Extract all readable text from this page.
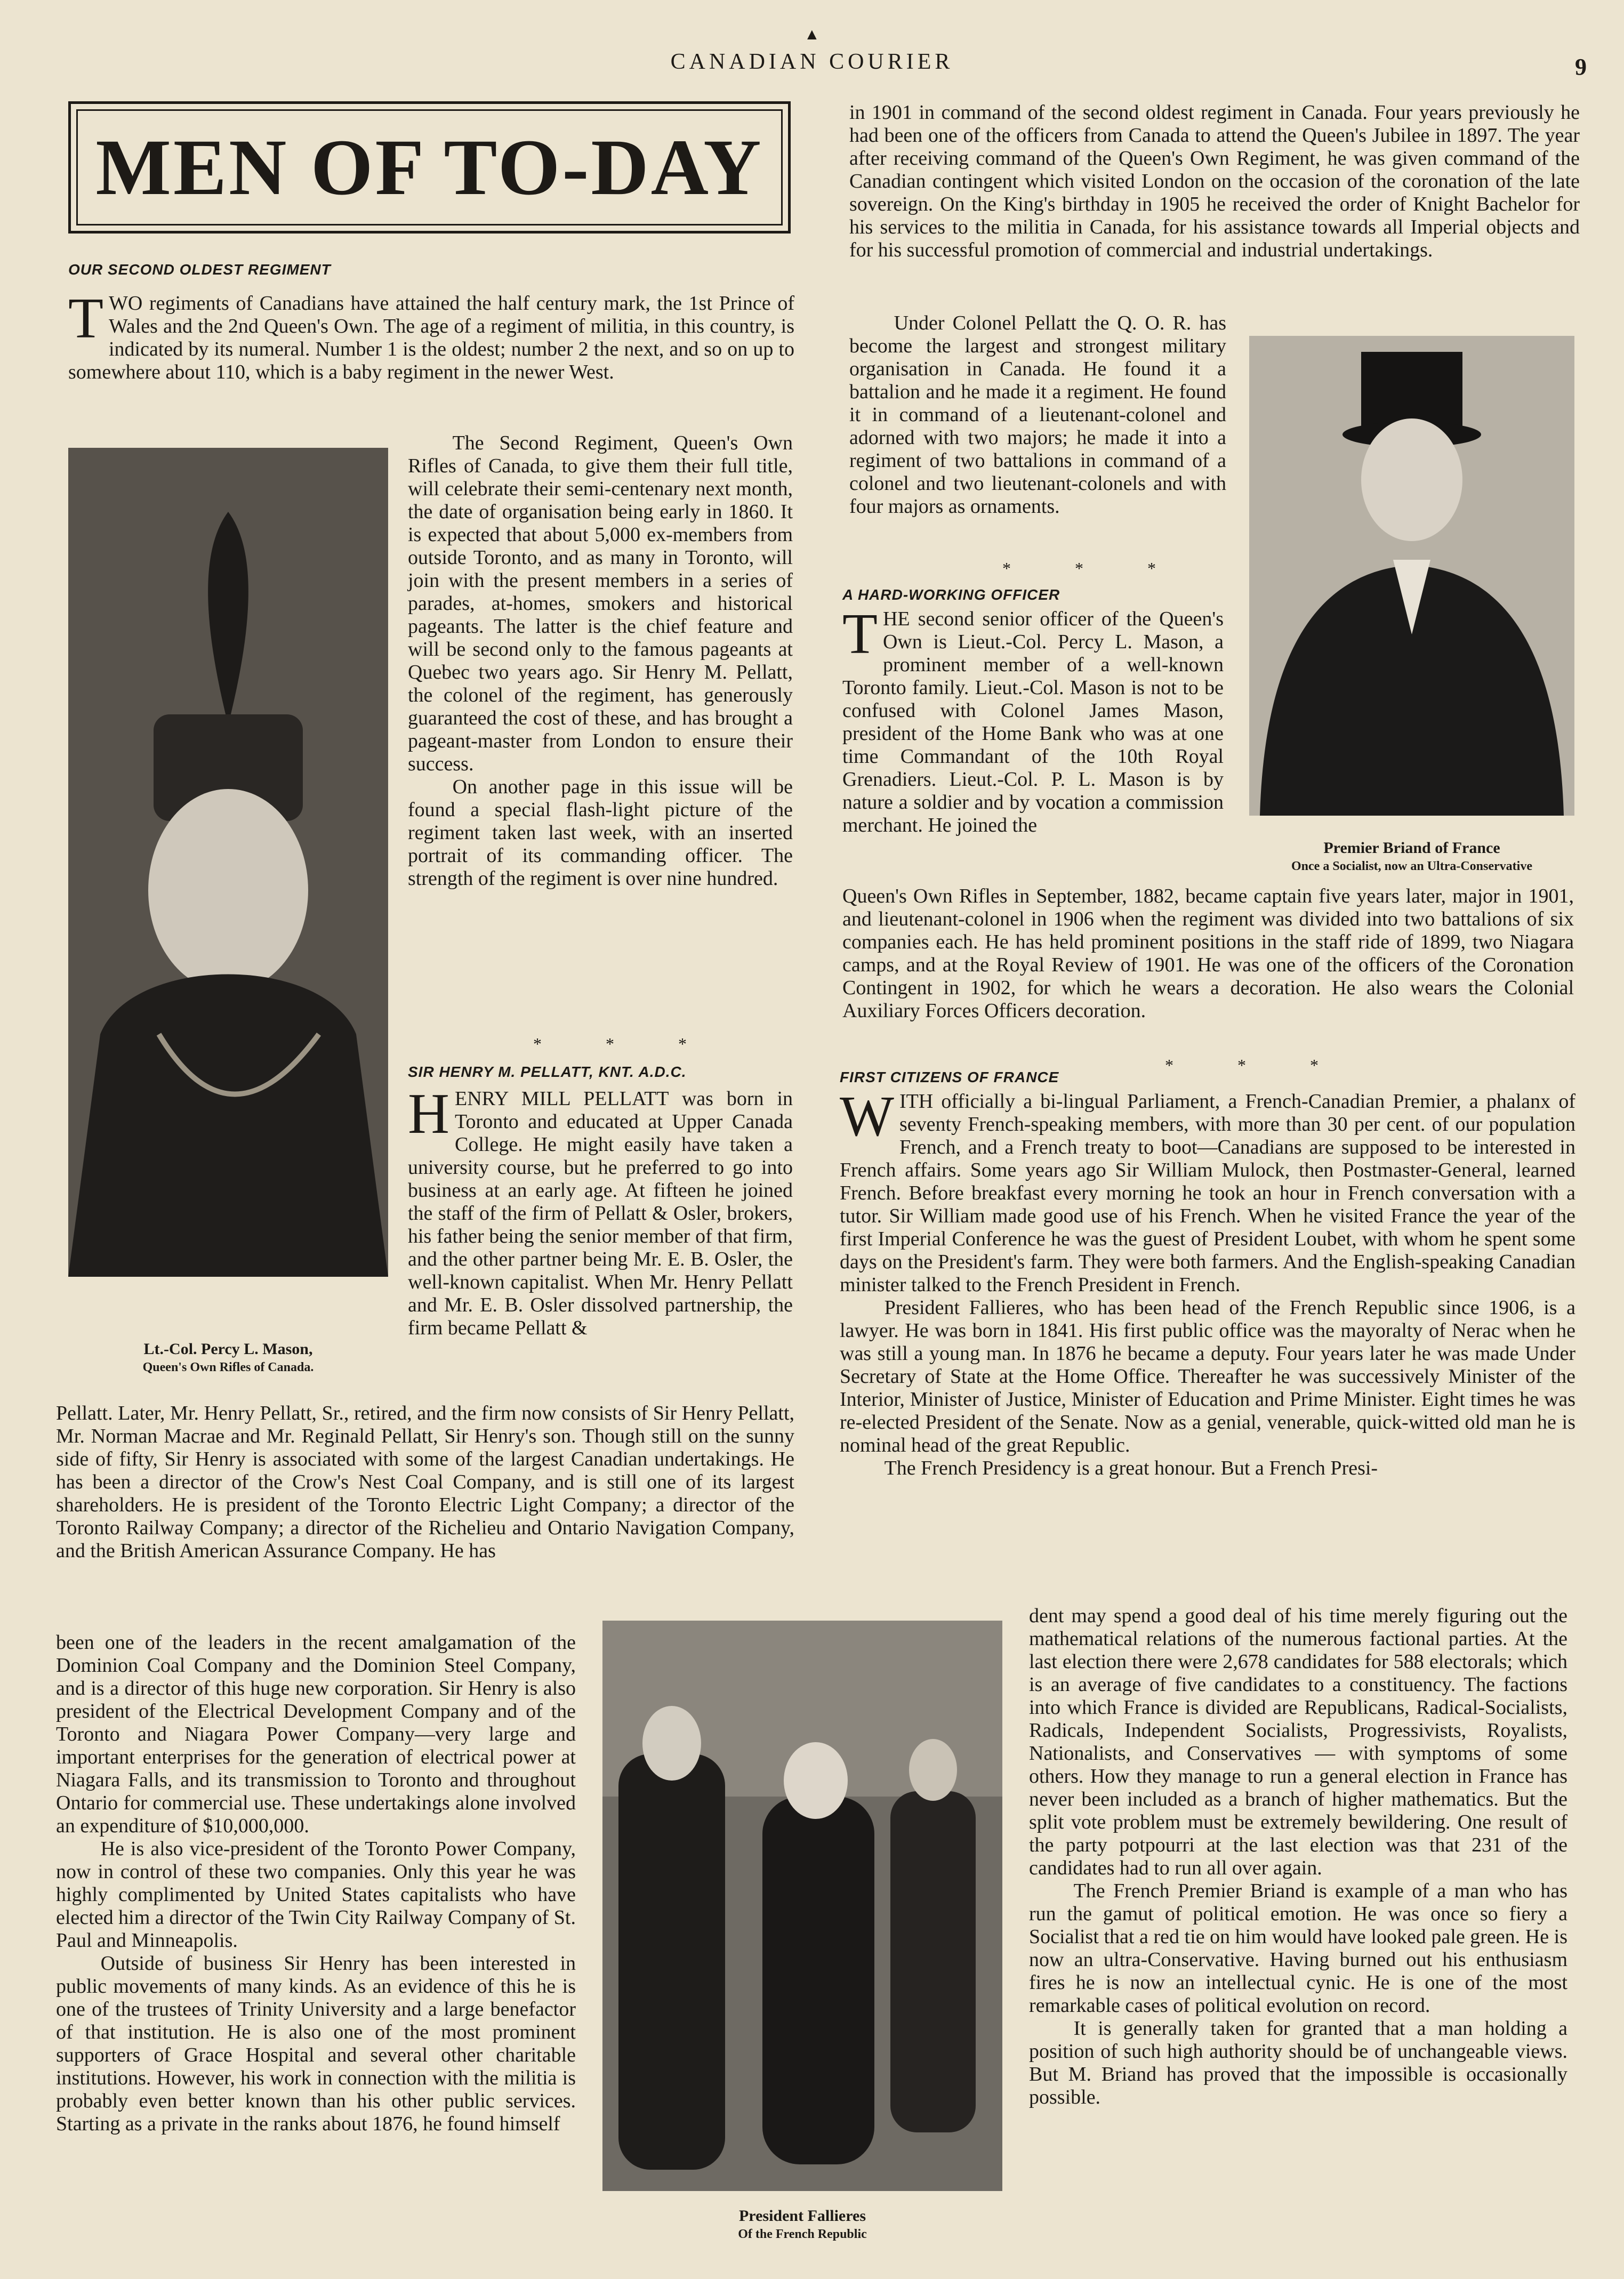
▲
CANADIAN COURIER	9
MEN OF TO-DAY
OUR SECOND OLDEST REGIMENT

TWO regiments of Canadians have attained the half century mark, the 1st Prince of Wales and the 2nd Queen's Own. The age of a regiment of militia, in this country, is indicated by its numeral. Number 1 is the oldest; number 2 the next, and so on up to somewhere about 110, which is a baby regiment in the newer West.

Lt.-Col. Percy L. Mason,
Queen's Own Rifles of Canada.

The Second Regiment, Queen's Own Rifles of Canada, to give them their full title, will celebrate their semi-centenary next month, the date of organisation being early in 1860. It is expected that about 5,000 ex-members from outside Toronto, and as many in Toronto, will join with the present members in a series of parades, at-homes, smokers and historical pageants. The latter is the chief feature and will be second only to the famous pageants at Quebec two years ago. Sir Henry M. Pellatt, the colonel of the regiment, has generously guaranteed the cost of these, and has brought a pageant-master from London to ensure their success.

On another page in this issue will be found a special flash-light picture of the regiment taken last week, with an inserted portrait of its commanding officer. The strength of the regiment is over nine hundred.

* * *
SIR HENRY M. PELLATT, KNT. A.D.C.

HENRY MILL PELLATT was born in Toronto and educated at Upper Canada College. He might easily have taken a university course, but he preferred to go into business at an early age. At fifteen he joined the staff of the firm of Pellatt & Osler, brokers, his father being the senior member of that firm, and the other partner being Mr. E. B. Osler, the well-known capitalist. When Mr. Henry Pellatt and Mr. E. B. Osler dissolved partnership, the firm became Pellatt &

Pellatt. Later, Mr. Henry Pellatt, Sr., retired, and the firm now consists of Sir Henry Pellatt, Mr. Norman Macrae and Mr. Reginald Pellatt, Sir Henry's son. Though still on the sunny side of fifty, Sir Henry is associated with some of the largest Canadian undertakings. He has been a director of the Crow's Nest Coal Company, and is still one of its largest shareholders. He is president of the Toronto Electric Light Company; a director of the Toronto Railway Company; a director of the Richelieu and Ontario Navigation Company, and the British American Assurance Company. He has

been one of the leaders in the recent amalgamation of the Dominion Coal Company and the Dominion Steel Company, and is a director of this huge new corporation. Sir Henry is also president of the Electrical Development Company and of the Toronto and Niagara Power Company—very large and important enterprises for the generation of electrical power at Niagara Falls, and its transmission to Toronto and throughout Ontario for commercial use. These undertakings alone involved an expenditure of $10,000,000.

He is also vice-president of the Toronto Power Company, now in control of these two companies. Only this year he was highly complimented by United States capitalists who have elected him a director of the Twin City Railway Company of St. Paul and Minneapolis.

Outside of business Sir Henry has been interested in public movements of many kinds. As an evidence of this he is one of the trustees of Trinity University and a large benefactor of that institution. He is also one of the most prominent supporters of Grace Hospital and several other charitable institutions. However, his work in connection with the militia is probably even better known than his other public services. Starting as a private in the ranks about 1876, he found himself

President Fallieres
Of the French Republic

in 1901 in command of the second oldest regiment in Canada. Four years previously he had been one of the officers from Canada to attend the Queen's Jubilee in 1897. The year after receiving command of the Queen's Own Regiment, he was given command of the Canadian contingent which visited London on the occasion of the coronation of the late sovereign. On the King's birthday in 1905 he received the order of Knight Bachelor for his services to the militia in Canada, for his assistance towards all Imperial objects and for his successful promotion of commercial and industrial undertakings.

Under Colonel Pellatt the Q. O. R. has become the largest and strongest military organisation in Canada. He found it a battalion and he made it a regiment. He found it in command of a lieutenant-colonel and adorned with two majors; he made it into a regiment of two battalions in command of a colonel and two lieutenant-colonels and with four majors as ornaments.

Premier Briand of France
Once a Socialist, now an Ultra-Conservative
* * *
A HARD-WORKING OFFICER

THE second senior officer of the Queen's Own is Lieut.-Col. Percy L. Mason, a prominent member of a well-known Toronto family. Lieut.-Col. Mason is not to be confused with Colonel James Mason, president of the Home Bank who was at one time Commandant of the 10th Royal Grenadiers. Lieut.-Col. P. L. Mason is by nature a soldier and by vocation a commission merchant. He joined the

Queen's Own Rifles in September, 1882, became captain five years later, major in 1901, and lieutenant-colonel in 1906 when the regiment was divided into two battalions of six companies each. He has held prominent positions in the staff ride of 1899, two Niagara camps, and at the Royal Review of 1901. He was one of the officers of the Coronation Contingent in 1902, for which he wears a decoration. He also wears the Colonial Auxiliary Forces Officers decoration.

* * *
FIRST CITIZENS OF FRANCE

WITH officially a bi-lingual Parliament, a French-Canadian Premier, a phalanx of seventy French-speaking members, with more than 30 per cent. of our population French, and a French treaty to boot—Canadians are supposed to be interested in French affairs. Some years ago Sir William Mulock, then Postmaster-General, learned French. Before breakfast every morning he took an hour in French conversation with a tutor. Sir William made good use of his French. When he visited France the year of the first Imperial Conference he was the guest of President Loubet, with whom he spent some days on the President's farm. They were both farmers. And the English-speaking Canadian minister talked to the French President in French.

President Fallieres, who has been head of the French Republic since 1906, is a lawyer. He was born in 1841. His first public office was the mayoralty of Nerac when he was still a young man. In 1876 he became a deputy. Four years later he was made Under Secretary of State at the Home Office. Thereafter he was successively Minister of the Interior, Minister of Justice, Minister of Education and Prime Minister. Eight times he was re-elected President of the Senate. Now as a genial, venerable, quick-witted old man he is nominal head of the great Republic.

The French Presidency is a great honour. But a French Presi-

dent may spend a good deal of his time merely figuring out the mathematical relations of the numerous factional parties. At the last election there were 2,678 candidates for 588 electorals; which is an average of five candidates to a constituency. The factions into which France is divided are Republicans, Radical-Socialists, Radicals, Independent Socialists, Progressivists, Royalists, Nationalists, and Conservatives — with symptoms of some others. How they manage to run a general election in France has never been included as a branch of higher mathematics. But the split vote problem must be extremely bewildering. One result of the party potpourri at the last election was that 231 of the candidates had to run all over again.

The French Premier Briand is example of a man who has run the gamut of political emotion. He was once so fiery a Socialist that a red tie on him would have looked pale green. He is now an ultra-Conservative. Having burned out his enthusiasm fires he is now an intellectual cynic. He is one of the most remarkable cases of political evolution on record.

It is generally taken for granted that a man holding a position of such high authority should be of unchangeable views. But M. Briand has proved that the impossible is occasionally possible.
